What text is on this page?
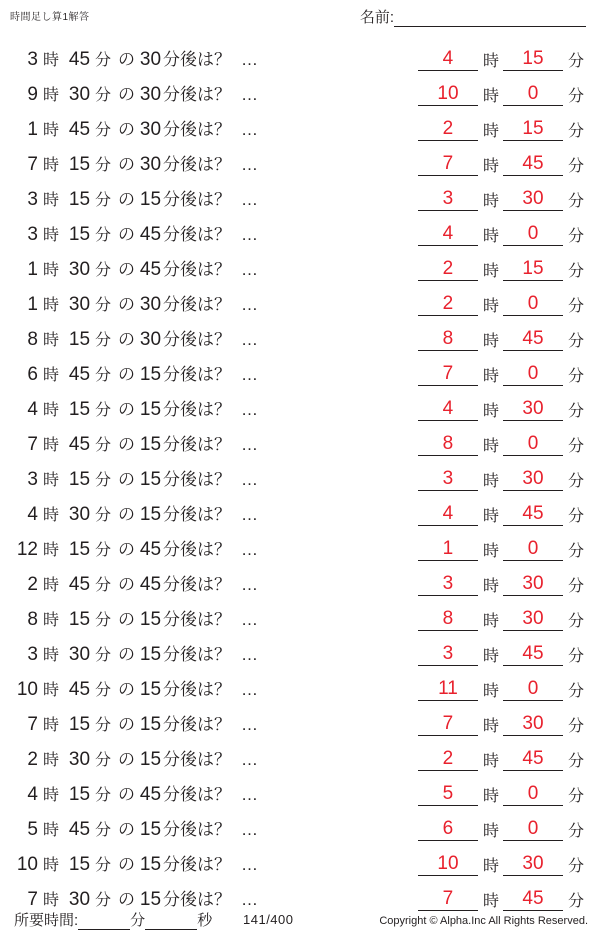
時間足し算1解答	名前:
3 時 45 分 の 30 分後は？ …	4	時	15	分
9 時 30 分 の 30 分後は？ …	10	時	0	分
1 時 45 分 の 30 分後は？ …	2	時	15	分
7 時 15 分 の 30 分後は？ …	7	時	45	分
3 時 15 分 の 15 分後は？ …	3	時	30	分
3 時 15 分 の 45 分後は？ …	4	時	0	分
1 時 30 分 の 45 分後は？ …	2	時	15	分
1 時 30 分 の 30 分後は？ …	2	時	0	分
8 時 15 分 の 30 分後は？ …	8	時	45	分
6 時 45 分 の 15 分後は？ …	7	時	0	分
4 時 15 分 の 15 分後は？ …	4	時	30	分
7 時 45 分 の 15 分後は？ …	8	時	0	分
3 時 15 分 の 15 分後は？ …	3	時	30	分
4 時 30 分 の 15 分後は？ …	4	時	45	分
12 時 15 分 の 45 分後は？ …	1	時	0	分
2 時 45 分 の 45 分後は？ …	3	時	30	分
8 時 15 分 の 15 分後は？ …	8	時	30	分
3 時 30 分 の 15 分後は？ …	3	時	45	分
10 時 45 分 の 15 分後は？ …	11	時	0	分
7 時 15 分 の 15 分後は？ …	7	時	30	分
2 時 30 分 の 15 分後は？ …	2	時	45	分
4 時 15 分 の 45 分後は？ …	5	時	0	分
5 時 45 分 の 15 分後は？ …	6	時	0	分
10 時 15 分 の 15 分後は？ …	10	時	30	分
7 時 30 分 の 15 分後は？ …	7	時	45	分
所要時間:	分	秒 141/400	Copyright © Alpha.Inc All Rights Reserved.
